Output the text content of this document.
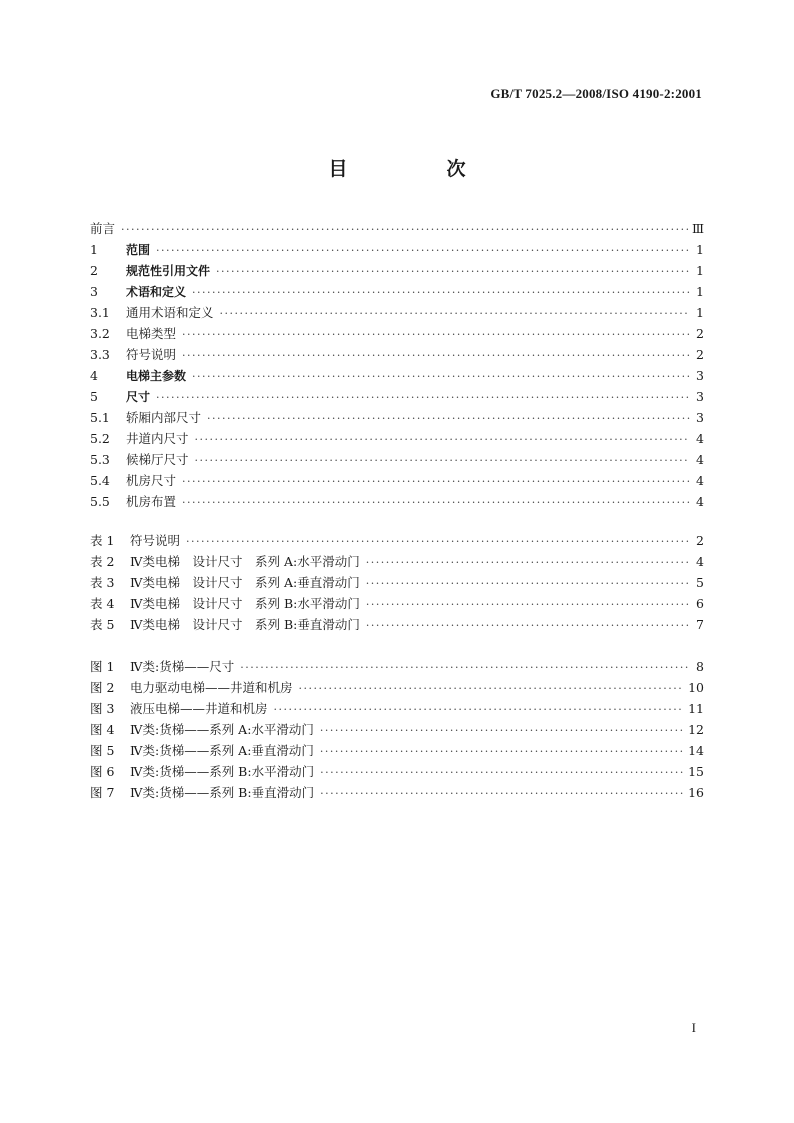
GB/T 7025.2—2008/ISO 4190-2:2001
目　次
前言 ·····	Ⅲ
1	范围 ·····	1
2	规范性引用文件 ·····	1
3	术语和定义 ·····	1
3.1	通用术语和定义 ·····	1
3.2	电梯类型 ·····	2
3.3	符号说明 ·····	2
4	电梯主参数 ·····	3
5	尺寸 ·····	3
5.1	轿厢内部尺寸 ·····	3
5.2	井道内尺寸 ·····	4
5.3	候梯厅尺寸 ·····	4
5.4	机房尺寸 ·····	4
5.5	机房布置 ·····	4
表 1	符号说明 ·····	2
表 2	Ⅳ类电梯　设计尺寸　系列 A:水平滑动门 ·····	4
表 3	Ⅳ类电梯　设计尺寸　系列 A:垂直滑动门 ·····	5
表 4	Ⅳ类电梯　设计尺寸　系列 B:水平滑动门 ·····	6
表 5	Ⅳ类电梯　设计尺寸　系列 B:垂直滑动门 ·····	7
图 1	Ⅳ类:货梯——尺寸 ·····	8
图 2	电力驱动电梯——井道和机房 ·····	10
图 3	液压电梯——井道和机房 ·····	11
图 4	Ⅳ类:货梯——系列 A:水平滑动门 ·····	12
图 5	Ⅳ类:货梯——系列 A:垂直滑动门 ·····	14
图 6	Ⅳ类:货梯——系列 B:水平滑动门 ·····	15
图 7	Ⅳ类:货梯——系列 B:垂直滑动门 ·····	16
I
